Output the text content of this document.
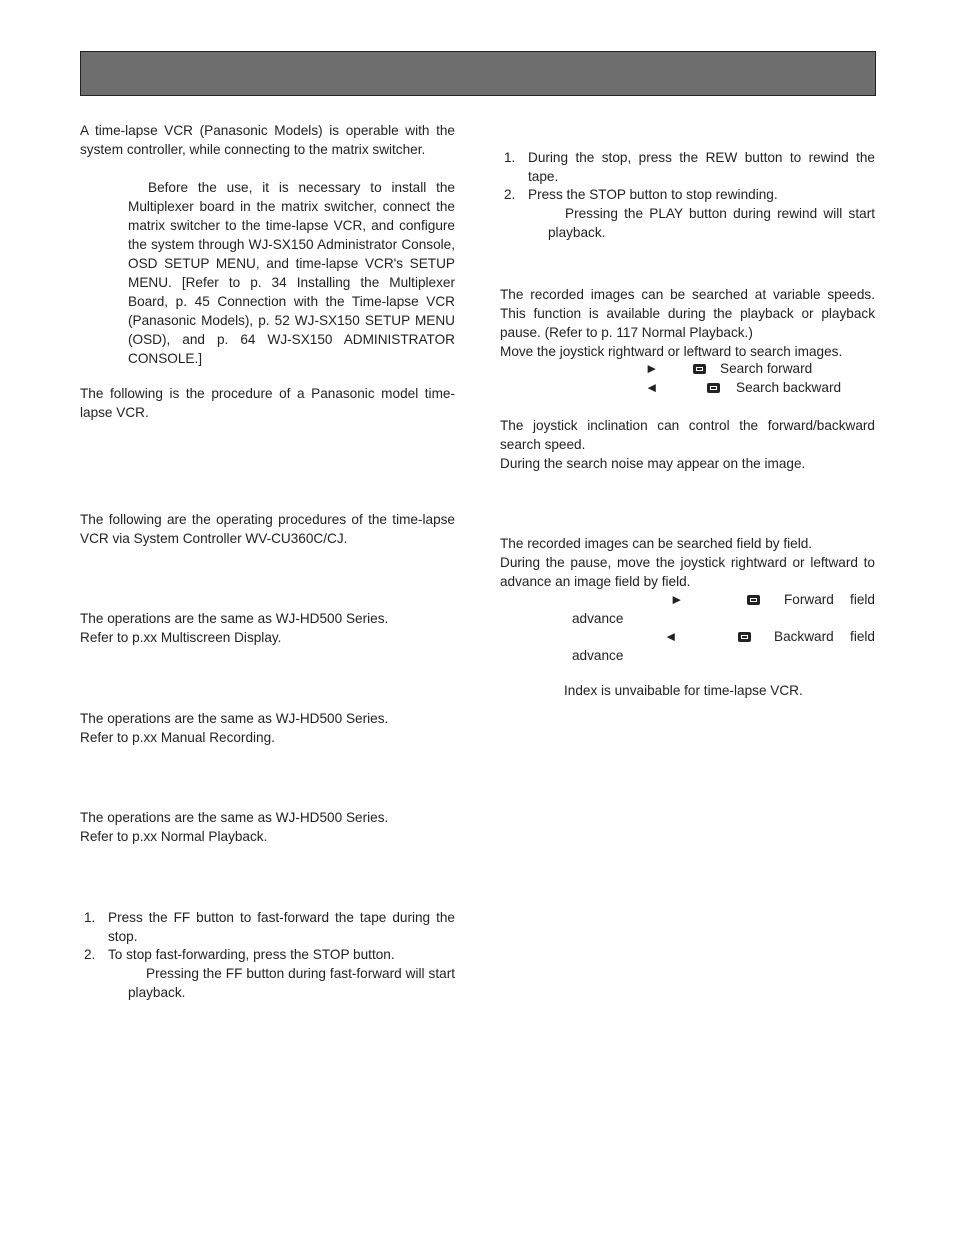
A time-lapse VCR (Panasonic Models) is operable with the system controller, while connecting to the matrix switcher.

Before the use, it is necessary to install the Multiplexer board in the matrix switcher, connect the matrix switcher to the time-lapse VCR, and configure the system through WJ-SX150 Administrator Console, OSD SETUP MENU, and time-lapse VCR's SETUP MENU. [Refer to p. 34 Installing the Multiplexer Board, p. 45 Connection with the Time-lapse VCR (Panasonic Models), p. 52 WJ-SX150 SETUP MENU (OSD), and p. 64 WJ-SX150 ADMINISTRATOR CONSOLE.]

The following is the procedure of a Panasonic model time-lapse VCR.

The following are the operating procedures of the time-lapse VCR via System Controller WV-CU360C/CJ.

The operations are the same as WJ-HD500 Series.

Refer to p.xx Multiscreen Display.

The operations are the same as WJ-HD500 Series.

Refer to p.xx Manual Recording.

The operations are the same as WJ-HD500 Series.

Refer to p.xx Normal Playback.

1. Press the FF button to fast-forward the tape during the stop.
2. To stop fast-forwarding, press the STOP button.
Pressing the FF button during fast-forward will start playback.
1. During the stop, press the REW button to rewind the tape.
2. Press the STOP button to stop rewinding.
Pressing the PLAY button during rewind will start playback.

The recorded images can be searched at variable speeds. This function is available during the playback or playback pause. (Refer to p. 117 Normal Playback.)

Move the joystick rightward or leftward to search images.

►	Search forward
◄	Search backward

The joystick inclination can control the forward/backward search speed.

During the search noise may appear on the image.

The recorded images can be searched field by field.

During the pause, move the joystick rightward or leftward to advance an image field by field.

►	Forward field
advance
◄	Backward field
advance
Index is unvaibable for time-lapse VCR.
